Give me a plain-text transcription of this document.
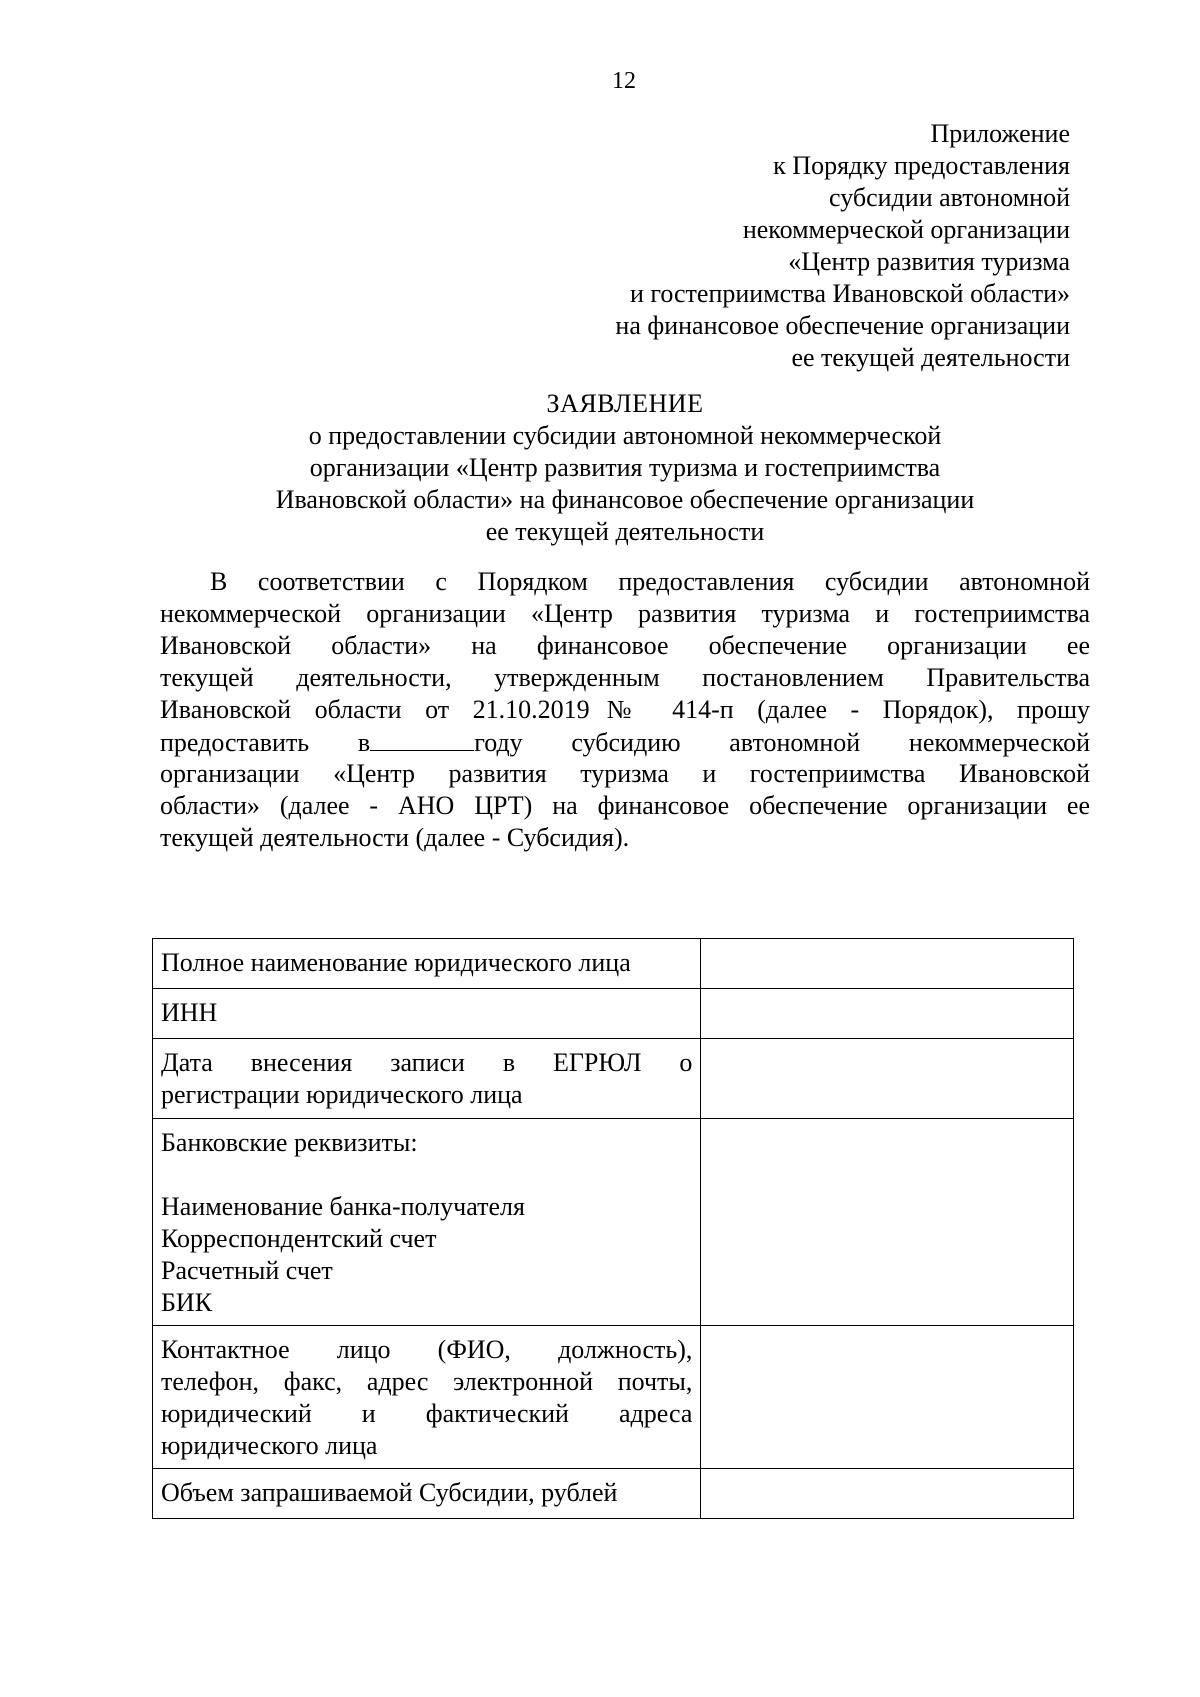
12
Приложение
к Порядку предоставления
субсидии автономной
некоммерческой организации
«Центр развития туризма
и гостеприимства Ивановской области»
на финансовое обеспечение организации
ее текущей деятельности
ЗАЯВЛЕНИЕ
о предоставлении субсидии автономной некоммерческой
организации «Центр развития туризма и гостеприимства
Ивановской области» на финансовое обеспечение организации
ее текущей деятельности
В соответствии с Порядком предоставления субсидии автономной
некоммерческой организации «Центр развития туризма и гостеприимства
Ивановской области» на финансовое обеспечение организации ее
текущей деятельности, утвержденным постановлением Правительства
Ивановской области от 21.10.2019№ 414-п (далее - Порядок), прошу
предоставить в	году субсидию автономной некоммерческой
организации «Центр развития туризма и гостеприимства Ивановской
области» (далее - АНО ЦРТ) на финансовое обеспечение организации ее
текущей деятельности (далее - Субсидия).
Полное наименование юридического лица	

ИНН	

Дата внесения записи в ЕГРЮЛ о
регистрации юридического лица	

Банковские реквизиты:
Наименование банка-получателя
Корреспондентский счет
Расчетный счет
БИК	

Контактное лицо (ФИО, должность),
телефон, факс, адрес электронной почты,
юридический и фактический адреса
юридического лица	

Объем запрашиваемой Субсидии, рублей	
